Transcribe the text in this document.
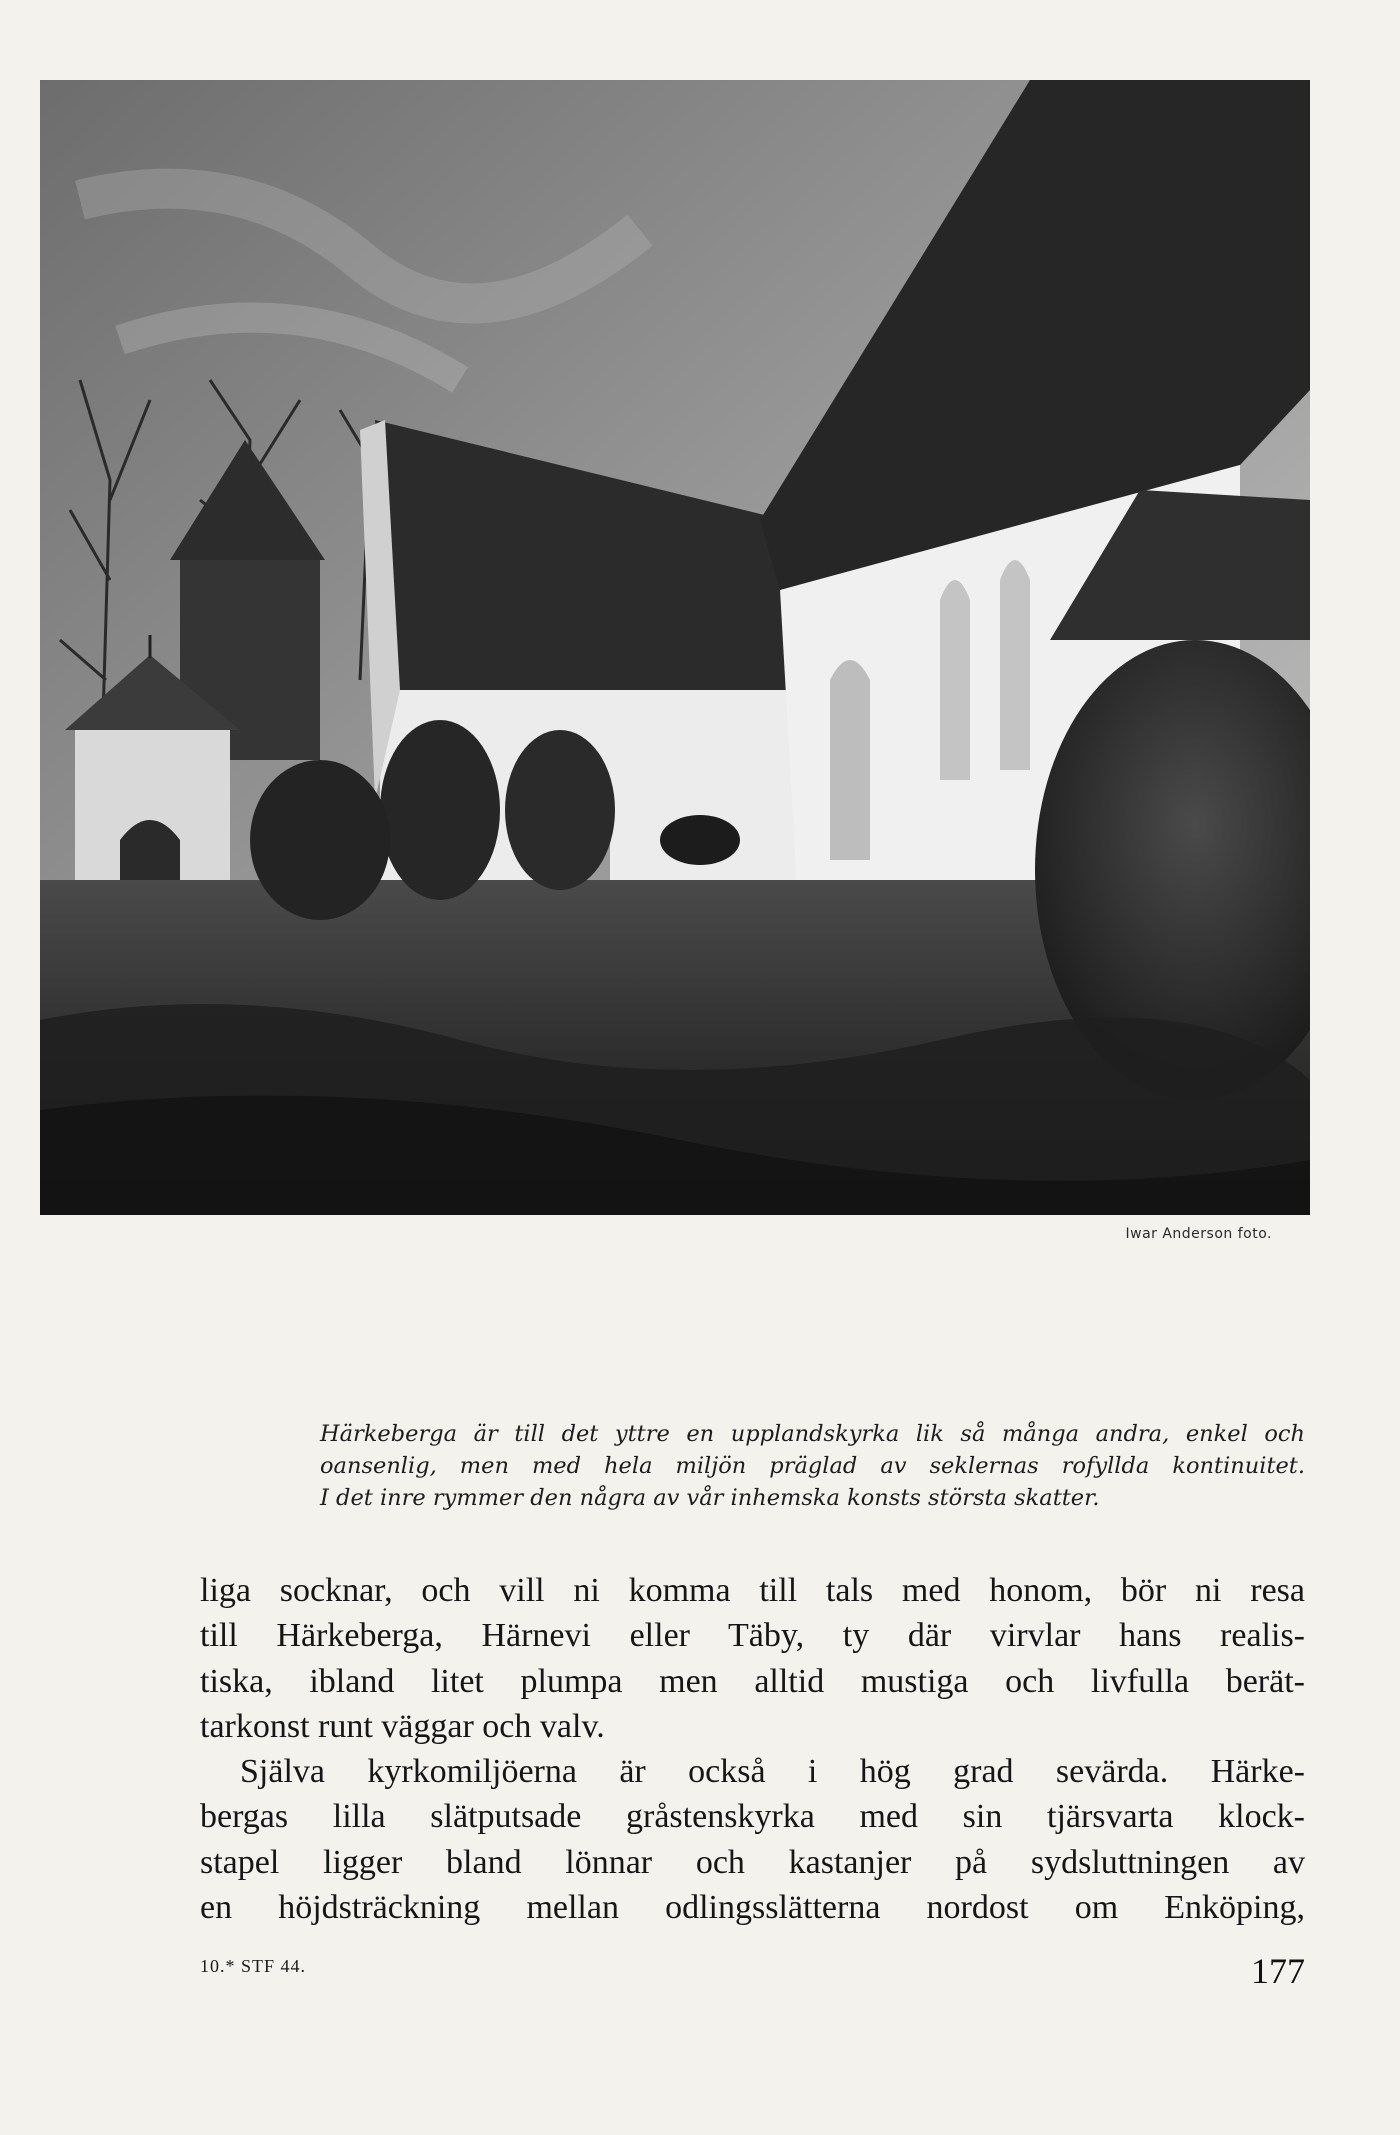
Iwar Anderson foto.
Härkeberga är till det yttre en upplandskyrka lik så många andra, enkel och
oansenlig, men med hela miljön präglad av seklernas rofyllda kontinuitet.
I det inre rymmer den några av vår inhemska konsts största skatter.
liga socknar, och vill ni komma till tals med honom, bör ni resa
till Härkeberga, Härnevi eller Täby, ty där virvlar hans realis-
tiska, ibland litet plumpa men alltid mustiga och livfulla berät-
tarkonst runt väggar och valv.
Själva kyrkomiljöerna är också i hög grad sevärda. Härke-
bergas lilla slätputsade gråstenskyrka med sin tjärsvarta klock-
stapel ligger bland lönnar och kastanjer på sydsluttningen av
en höjdsträckning mellan odlingsslätterna nordost om Enköping,
10.* STF 44.	177
